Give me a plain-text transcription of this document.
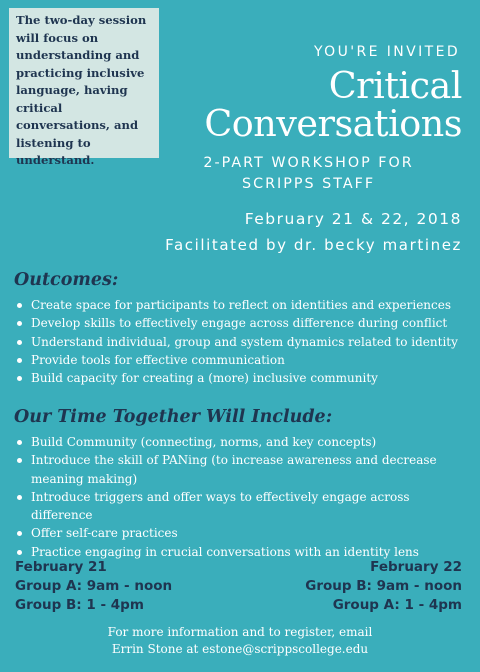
The two-day session will focus on understanding and practicing inclusive language, having critical conversations, and listening to understand.
YOU'RE INVITED
Critical
Conversations
2-PART WORKSHOP FOR
SCRIPPS STAFF
February 21 & 22, 2018
Facilitated by dr. becky martinez
Outcomes:
Create space for participants to reflect on identities and experiences
Develop skills to effectively engage across difference during conflict
Understand individual, group and system dynamics related to identity
Provide tools for effective communication
Build capacity for creating a (more) inclusive community
Our Time Together Will Include:
Build Community (connecting, norms, and key concepts)
Introduce the skill of PANing (to increase awareness and decrease meaning making)
Introduce triggers and offer ways to effectively engage across difference
Offer self-care practices
Practice engaging in crucial conversations with an identity lens
February 21
Group A: 9am - noon
Group B: 1 - 4pm
February 22
Group B: 9am - noon
Group A: 1 - 4pm
For more information and to register, email
Errin Stone at estone@scrippscollege.edu
